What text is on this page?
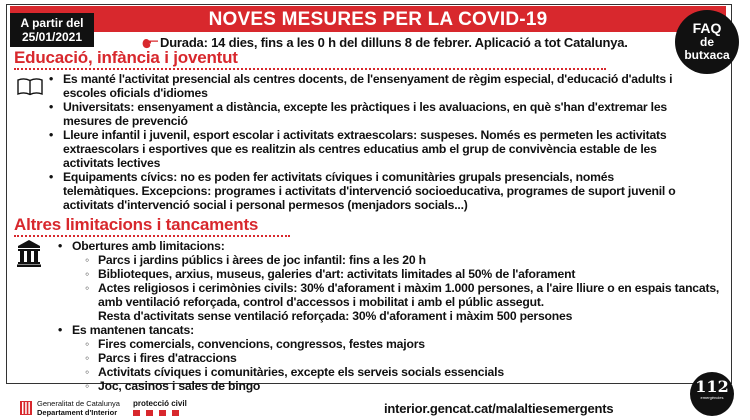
NOVES MESURES PER LA COVID-19
A partir del
25/01/2021
FAQ
de
butxaca
Durada: 14 dies, fins a les 0 h del dilluns 8 de febrer. Aplicació a tot Catalunya.
Educació, infància i joventut
• Es manté l'activitat presencial als centres docents, de l'ensenyament de règim especial, d'educació d'adults i escoles oficials d'idiomes
• Universitats: ensenyament a distància, excepte les pràctiques i les avaluacions, en què s'han d'extremar les mesures de prevenció
• Lleure infantil i juvenil, esport escolar i activitats extraescolars: suspeses. Només es permeten les activitats extraescolars i esportives que es realitzin als centres educatius amb el grup de convivència estable de les activitats lectives
• Equipaments cívics: no es poden fer activitats cíviques i comunitàries grupals presencials, només telemàtiques. Excepcions: programes i activitats d'intervenció socioeducativa, programes de suport juvenil o activitats d'intervenció social i personal permesos (menjadors socials...)
Altres limitacions i tancaments
• Obertures amb limitacions:
◦ Parcs i jardins públics i àrees de joc infantil: fins a les 20 h
◦ Biblioteques, arxius, museus, galeries d'art: activitats limitades al 50% de l'aforament
◦ Actes religiosos i cerimònies civils: 30% d'aforament i màxim 1.000 persones, a l'aire lliure o en espais tancats, amb ventilació reforçada, control d'accessos i mobilitat i amb el públic assegut.
Resta d'activitats sense ventilació reforçada: 30% d'aforament i màxim 500 persones
• Es mantenen tancats:
◦ Fires comercials, convencions, congressos, festes majors
◦ Parcs i fires d'atraccions
◦ Activitats cíviques i comunitàries, excepte els serveis socials essencials
◦ Joc, casinos i sales de bingo
Generalitat de Catalunya
Departament d'Interior
protecció civil	interior.gencat.cat/malaltiesemergents
112
emergències
